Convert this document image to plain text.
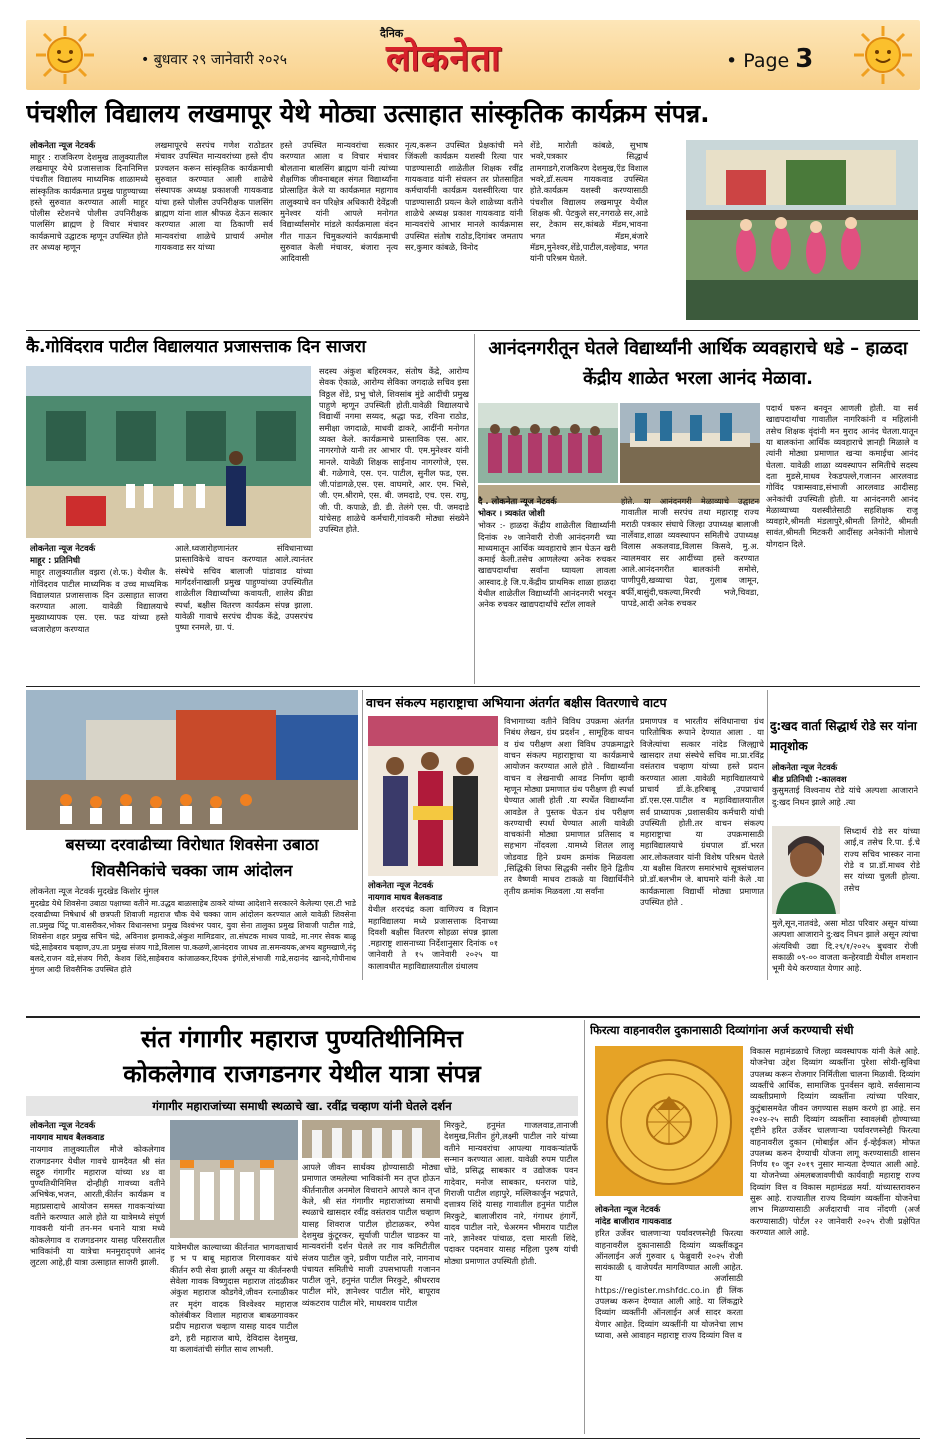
• बुधवार २९ जानेवारी २०२५
दैनिक
लोकनेता	• Page 3
पंचशील विद्यालय लखमापूर येथे मोठ्या उत्साहात सांस्कृतिक कार्यक्रम संपन्न.
लोकनेता न्यूज नेटवर्क
माहूर : राजकिरण देशमुख तालुक्यातील लखमापूर येथे प्रजासत्ताक दिनानिमित्त पंचशील विद्यालय माध्यमिक शाळामध्ये सांस्कृतिक कार्यक्रमात प्रमुख पाहुण्याच्या हस्ते सुरुवात करण्यात आली माहूर पोलीस स्टेशनचे पोलीस उपनिरीक्षक पालसिंग ब्राह्मण हे विचार मंचावर कार्यक्रमाचे उद्घाटक म्हणून उपस्थित होते तर अध्यक्ष म्हणून
लखमापूरचे सरपंच गणेश राठोडतर मंचावर उपस्थित मान्यवरांच्या हस्ते दीप प्रज्वलन करून सांस्कृतिक कार्यक्रमाची सुरुवात करण्यात आली शाळेचे संस्थापक अध्यक्ष प्रकाशजी गायकवाड यांचा हस्ते पोलीस उपनिरीक्षक पालसिंग ब्राह्मण यांना शाल श्रीफळ देऊन सत्कार करण्यात आला या ठिकाणी सर्व मान्यवरांचा शाळेचे प्राचार्य अमोल गायकवाड सर यांच्या
हस्ते उपस्थित मान्यवरांचा सत्कार करण्यात आला व विचार मंचावर बोलताना बालसिंग ब्राह्मण यांनी त्यांच्या शैक्षणिक जीवनाबद्दल संगत विद्यार्थ्यांना प्रोत्साहित केले या कार्यक्रमात महागाव तालुक्याचे वन परिक्षेत्र अधिकारी देवेंद्रजी मुनेश्वर यांनी आपले मनोगत विद्यार्थ्यांसमोर मांडले कार्यक्रमाला वंदन गीत गाऊन चिमुकल्यांने कार्यक्रमाची सुरुवात केली मंचावर, बंजारा नृत्य आदिवासी
नृत्य,करून उपस्थित प्रेक्षकांची मने जिंकली कार्यक्रम यशस्वी रित्या पार पाडण्यासाठी शाळेतील शिक्षक रवींद्र गायकवाड यांनी संचलन तर प्रोतसाहित कर्मचार्यांनी कार्यक्रम यशस्वीरित्या पार पाडण्यासाठी प्रयत्न केले शाळेच्या वतीने शाळेचे अध्यक्ष प्रकाश गायकवाड यांनी मान्यवरांचे आभार मानले कार्यक्रमास उपस्थित संतोष राठोड,दिगांबर जमताप सर,कुमार कांबळे, विनोद
शेंडे, मारोती कांबळे, सुभाष भवरे,पत्रकार सिद्धार्थ तामगाडगे,राजकिरण देशमुख,ऍड विशाल भवरे,डॉ.सत्यम गायकवाड उपस्थित होते.कार्यक्रम यशस्वी करण्यासाठी पंचशील विद्यालय लखमापूर येथील शिक्षक श्री. पेटकुले सर,नगराळे सर,आडे सर, टेकाम सर,कांबळे मॅडम,भावना भगत मॅडम,बंजारे मॅडम,मुनेश्वर,शेंडे,पाटील,वल्हेवाड, भगत यांनी परिश्रम घेतले.
कै.गोविंदराव पाटील विद्यालयात प्रजासत्ताक दिन साजरा
लोकनेता न्यूज नेटवर्क
माहूर : प्रतिनिधी
माहूर तालुक्यातील वझरा (शे.फ.) येथील कै. गोविंदराव पाटील माध्यमिक व उच्च माध्यमिक विद्यालयात प्रजासत्ताक दिन उत्साहात साजरा करण्यात आला. यावेळी विद्यालयाचे मुख्याध्यापक एस. एस. फड यांच्या हस्ते ध्वजारोहण करण्यात
आले.ध्वजारोहणानंतर संविधानाच्या प्रास्ताविकेचे वाचन करण्यात आले.त्यानंतर संस्थेचे सचिव बालाजी पांडावाड यांच्या मार्गदर्शनाखाली प्रमुख पाहुण्यांच्या उपस्थितीत शाळेतील विद्यार्थ्यांच्या कवायती, शालेय क्रीडा स्पर्धा, बक्षीस वितरण कार्यक्रम संपन्न झाला. यावेळी गावाचे सरपंच दीपक केंद्रे, उपसरपंच पुष्पा रनमले, ग्रा. पं.
सदस्य अंकुश बहिरमकर, संतोष केंद्रे, आरोग्य सेवक ऐकाळे, आरोग्य सेविका जगदाळे सचिव इसा विठ्ठल शेंडे, प्रभु चोले, शिवसांब मुंडे आदींची प्रमुख पाहुणे म्हणून उपस्थिती होती.यावेळी विद्यालयाचे विद्यार्थी नगमा सय्यद, श्रद्धा फड, रविना राठोड, समीक्षा जगदाळे, माधवी ढाकरे, आदींनी मनोगत व्यक्त केले. कार्यक्रमाचे प्रास्ताविक एस. आर. नागरगोजे यानी तर आभार पी. एम.मुनेश्वर यांनी मानले. यावेळी शिक्षक साईनाथ नागरगोजे, एस. बी. गळेगावे, एस. एन. पाटील, सुनील फड, एस. जी.पांडागळे,एस. एस. वाघमारे, आर. एम. भिसे, जी. एम.श्रीरामे, एस. बी. जमदाडे, एच. एस. राघु, जी. पी. कपाळे, डी. डी. तेलंगे एस. पी. जमदाडे यांचेसह शाळेचे कर्मचारी,गांवकरी मोठ्या संख्येने उपस्थित होते.
आनंदनगरीतून घेतले विद्यार्थ्यांनी आर्थिक व्यवहाराचे धडे – हाळदा केंद्रीय शाळेत भरला आनंद मेळावा.
दै . लोकनेता न्यूज नेटवर्क
भोकर । त्र्यकांत जोशी
भोकर :- हाळदा केंद्रीय शाळेतील विद्यार्थ्यांनी दिनांक २७ जानेवारी रोजी आनंदनगरी च्या माध्यमातून आर्थिक व्यवहाराचे ज्ञान घेऊन खरी कमाई केली.तसेच आणलेल्या अनेक रुचकर खाद्यपदार्थांचा सर्वांना घ्यायला लावला आस्वाद.हे जि.प.केंद्रीय प्राथमिक शाळा हाळदा येथील शाळेतील विद्यार्थ्यांनी आनंदनगरी भरवून अनेक रुचकर खाद्यपदार्थांचे स्टॉल लावले
होते. या आनंदनगरी मेळाव्याचे उद्घाटन गावातील माजी सरपंच तथा महाराष्ट्र राज्य मराठी पत्रकार संघाचे जिल्हा उपाध्यक्ष बालाजी नार्लेवाड,शाळा व्यवस्थापन समितीचे उपाध्यक्ष विलास अकलवाड,विलास किसवे, मु.अ. न्यालमवार सर आदींच्या हस्ते करण्यात आले.आनंदनगरीत बालकांनी समोसे, पाणीपुरी,खव्याचा पेढा, गुलाब जामून, बर्फी,बासुंदी,चकल्या,मिरची भजे,चिवडा, पापडे,आदी अनेक रुचकर
पदार्थ घरून बनवून आणली होती. या सर्व खाद्यपदार्थांचा गावातील नागरिकांनी व महिलांनी तसेच शिक्षक वृंदांनी मन मुराद आनंद घेतला.यातून या बालकांना आर्थिक व्यवहाराचे ज्ञानही मिळाले व त्यांनी मोठ्या प्रमाणात खऱ्या कमाईचा आनंद घेतला. यावेळी शाळा व्यवस्थापन समितीचे सदस्य दता मुडसे,माधव रेकडपल्ले,गजानन आरलवाड गोविंद पत्राम्सवाड,संभाजी आरलवाड आदीसह अनेकांची उपस्थिती होती. या आनंदनगरी आनंद मेळाव्याच्या यशस्वीतेसाठी सहशिक्षक राजू व्यवहारे,श्रीमती मंडलापुरे,श्रीमती तिगोटे, श्रीमती सावंत,श्रीमती मिटकरी आदींसह अनेकांनी मोलाचे योगदान दिले.
बसच्या दरवाढीच्या विरोधात शिवसेना उबाठा शिवसैनिकांचे चक्का जाम आंदोलन
लोकनेता न्यूज नेटवर्क मुदखेड किशोर मुंगल
मुदखेड येथे शिवसेना उबाठा पक्षाच्या वतीने मा.उद्धव बाळासाहेब ठाकरे यांच्या आदेशाने सरकारने केलेल्या एस.टी भाडे दरवाढीच्या निषेधार्थ श्री छत्रपती शिवाजी महाराज चौक येथे चक्का जाम आंदोलन करण्यात आले यावेळी शिवसेना ता.प्रमुख पिंटू पा.वासरीकर,भोकर विधानसभा प्रमुख विश्वंभर पवार, युवा सेना तालुका प्रमुख शिवाजी पाटील गाडे, शिवसेना शहर प्रमुख सचिन चंद्रे, अविनाश झमाकडे,अंकुश मामिडवार, ता.संघटक माधव पावडे, मा.नगर सेवक बाळू चंद्रे,साहेबराव चव्हाण,उप.ता प्रमुख संजय गाडे,विलास पा.कळणे,आनंदराव जाधव ता.समन्वयक,अभय बहुमखाणे,नंदू बलदे,राजन वडे,संजय गिरी, केशव शिंदे,साहेबराव कांजाळकर,दिपक इंगोले,संभाजी गाढे,सदानंद खानदे,गोपीनाथ मुंगल आदी शिवसैनिक उपस्थित होते
वाचन संकल्प महाराष्ट्राचा अभियाना अंतर्गत बक्षीस वितरणाचे वाटप
लोकनेता न्यूज नेटवर्क
नायगाव माधव बैलकवाड
येथील शरदचंद्र कला वाणिज्य व विज्ञान महाविद्यालया मध्ये प्रजासत्ताक दिनाच्या दिवशी बक्षीस वितरण सोहळा संपन्न झाला .महाराष्ट्र शासनाच्या निर्देशानुसार दिनांक ०१ जानेवारी ते १५ जानेवारी २०२५ या कालावधीत महाविद्यालयातील ग्रंथालय
विभागाच्या वतीने विविध उपक्रमा अंतर्गत निबंध लेखन, ग्रंथ प्रदर्शन , सामूहिक वाचन व ग्रंथ परीक्षण अशा विविध उपक्रमाद्वारे वाचन संकल्प महाराष्ट्राचा या कार्यक्रमाचे आयोजन करण्यात आले होते . विद्यार्थ्यांना वाचन व लेखनाची आवड निर्माण व्हावी म्हणून मोठ्या प्रमाणात ग्रंथ परीक्षण ही स्पर्धा घेण्यात आली होती .या स्पर्धेत विद्यार्थ्यांना आवडेल ते पुस्तक घेऊन ग्रंथ परीक्षण करण्याची स्पर्धा घेण्यात आली यावेळी वाचकांनी मोठ्या प्रमाणात प्रतिसाद व सहभाग नोंदवला .यामध्ये शितल लालू जोडवाड हिने प्रथम क्रमांक मिळवला ,सिद्धिकी शिफा सिद्धकी नसीर हिने द्वितीय तर वैष्णवी माधव टाकळे या विद्यार्थिनीने तृतीय क्रमांक मिळवला .या सर्वांना
प्रमाणपत्र व भारतीय संविधानाचा ग्रंथ पारितोषिक रूपाने देण्यात आला . या विजेत्यांचा सत्कार नांदेड जिल्ह्याचे खासदार तथा संस्थेचे सचिव मा.प्रा.रविंद्र वसंतराव चव्हाण यांच्या हस्ते प्रदान करण्यात आला .यावेळी महाविद्यालयाचे प्राचार्य डॉ.के.हरिबाबू ,उपप्राचार्य डॉ.एस.एस.पाटील व महाविद्यालयातील सर्व प्राध्यापक ,प्रशासकीय कर्मचारी यांची उपस्थिती होती.तर वाचन संकल्प महाराष्ट्राचा या उपक्रमासाठी महाविद्यालयाचे ग्रंथपाल डॉ.भरत आर.लोकलवार यांनी विशेष परिश्रम घेतले .या बक्षीस वितरण समारंभाचे सूत्रसंचालन प्रो.डॉ.बलभीम जे. बाघमारे यांनी केले .या कार्यक्रमाला विद्यार्थी मोठ्या प्रमाणात उपस्थित होते .
दु:खद वार्ता सिद्धार्थ रोडे सर यांना मातृशोक
लोकनेता न्यूज नेटवर्क
बीड प्रतिनिधी :-कालवश
कुसुमताई विश्वनाथ रोडे यांचे अल्पशा आजाराने दु:खद निधन झाले आहे .त्या
सिध्दार्थ रोडे सर यांच्या आई,व तसेच रि.पा. ई.चे राज्य सचिव भास्कर नाना रोडे व प्रा.डॉ.माधव रोडे सर यांच्या चुलती होत्या. तसेच
मुले,सून,नातवंडे, असा मोठा परिवार असून यांच्या अल्पशा आजाराने दु:खद निधन झाले असून त्यांचा अंत्यविधी उद्या दि.२९/१/२०२५ बुधवार रोजी सकाळी ०९-०० वाजता कन्हेरवाडी येथील शमशान भूमी येथे करण्यात येणार आहे.
संत गंगागीर महाराज पुण्यतिथीनिमित्त
कोकलेगाव राजगडनगर येथील यात्रा संपन्न
गंगागीर महाराजांच्या समाधी स्थळाचे खा. रवींद्र चव्हाण यांनी घेतले दर्शन
लोकनेता न्यूज नेटवर्क
नायगाव माधव बैलकवाड
नायगाव तालुक्यातील मौजे कोकलेगाव राजगडनगर येथील गावचे ग्रामदैवत श्री संत सद्गुरु गंगागीर महाराज यांच्या ४४ वा पुण्यतिथीनिमित्त दोन्हीही गावच्या वतीने अभिषेक,भजन, आरती,कीर्तन कार्यक्रम व महाप्रसादाचे आयोजन समस्त गावकऱ्यांच्या वतीने करण्यात आले होते या यात्रेमध्ये संपूर्ण गावकरी यांनी तन-मन धनाने यात्रा मध्ये कोकलेगाव व राजगडनगर यासह परिसरातील भाविकांनी या यात्रेचा मनमुराद्पणे आनंद लुटला आहे,ही यात्रा उत्साहात साजरी झाली.
यात्रेमधील काल्याच्या कीर्तनात भागवताचार्य ह भ प बाबू महाराज गिरगावकर यांचे कीर्तन रुपी सेवा झाली असून या कीर्तनरुपी सेवेला गावक विष्णुदास महाराज तांदळीकर अंकुश महाराज कौडगेवे,जीवन रत्नाळीकर तर मृदंग वादक विश्वेश्वर महाराज कोलंबीकर विशाल महाराज बाबळगावकर प्रदीप महाराज चव्हाण यासह यादव पाटील ढगे, हरी महाराज बाघे, देविदास देशमुख, या कलावंतांची संगीत साथ लाभली.
आपले जीवन सार्थक्य होण्यासाठी मोठ्या प्रमाणात जमलेल्या भाविकांनी मन तृप्त होऊन कीर्तनातील अनमोल विचाराने आपले कान तृप्त केले, श्री संत गंगागीर महाराजांच्या समाधी स्थळाचे खासदार रवींद्र वसंतराव पाटील चव्हाण यासह शिवराज पाटील होटाळकर, रुपेश देशमुख कुंटूरकर, सूर्याजी पाटील चाडकर या मान्यवरांनी दर्शन घेतले तर गाव कमिटीतील संजय पाटील जुने, प्रवीण पाटील नारे, नागनाथ पंचायत समितीचे माजी उपसभापती गजानन पाटील जुने, हनुमंत पाटील मिरकुटे, श्रीधरराव पाटील मोरे, ज्ञानेश्वर पाटील मोरे, बापूराव व्यंकटराव पाटील मोरे, माधवराव पाटील
मिरकुटे, हनुमंत गाजलवाड,तानाजी देशमुख,नितीन हुंगे,लक्ष्मी पाटील नारे यांच्या वतीने मान्यवरांचा आपल्या गावकऱ्यांतर्फे सन्मान करण्यात आला. यावेळी रुपम पाटील चोंडे, प्रसिद्ध साबकार व उद्योजक पवन गादेवार, मनोज साबकार, धनराज पांडे, गिराजी पाटील शहापुरे, मल्लिकार्जुन भद्रपाते, दत्तात्रय शिंदे यासह गावातील हनुमंत पाटील मिरकुटे, बालाजीराव नारे, गंगाधर हंगार्गे, यादव पाटील नारे, चेअरमन भीमराव पाटील नारे, ज्ञानेश्वर पांचाळ, दत्ता मारती शिंदे, पदाकर पदमवार यासह महिला पुरुष यांची मोठ्या प्रमाणात उपस्थिती होती.
फिरत्या वाहनावरील दुकानासाठी दिव्यांगांना अर्ज करण्याची संधी
लोकनेता न्यूज नेटवर्क
नांदेड बाजीराव गायकवाड
हरित उर्जेवर चालणाऱ्या पर्यावरणस्नेही फिरत्या वाहनावरील दुकानासाठी दिव्यांग व्यक्तींकडून ऑनलाईन अर्ज गुरुवार ६ फेब्रुवारी २०२५ रोजी सायंकाळी ६ वाजेपर्यंत मागविण्यात आली आहेत. या अर्जासाठी https://register.mshfdc.co.in ही लिंक उपलब्ध करून देण्यात आली आहे. या लिंकद्वारे दिव्यांग व्यक्तींनी ऑनलाईन अर्ज सादर करता येणार आहेत. दिव्यांग व्यक्तींनी या योजनेचा लाभ घ्यावा, असे आवाहन महाराष्ट्र राज्य दिव्यांग वित्त व
विकास महामंडळाचे जिल्हा व्यवस्थापक यांनी केले आहे. योजनेचा उद्देश दिव्यांग व्यक्तींना पुरेशा सोयी-सुविधा उपलब्ध करून रोजगार निर्मितीला चालना मिळावी. दिव्यांग व्यक्तींचे आर्थिक, सामाजिक पुनर्वसन व्हावे. सर्वसामान्य व्यक्तीप्रमाणे दिव्यांग व्यक्तींना त्यांच्या परिवार, कुटुंबासमवेत जीवन जगण्यास सक्षम करणे हा आहे. सन २०२४-२५ साठी दिव्यांग व्यक्तींना स्वावलंबी होण्याच्या दृष्टीने हरित उर्जेवर चालणाऱ्या पर्यावरणस्नेही फिरत्या वाहनावरील दुकान (मोबाईल ऑन ई-व्हेईकल) मोफत उपलब्ध करुन देण्याची योजना लागू करण्यासाठी शासन निर्णय १० जून २०१९ नुसार मान्यता देण्यात आली आहे. या योजनेच्या अंमलबजावणीची कार्यवाही महाराष्ट्र राज्य दिव्यांग वित्त व विकास महामंडळ मर्या. यांच्यास्तरावरुन सुरू आहे. राज्यातील राज्य दिव्यांग व्यक्तींना योजनेचा लाभ मिळण्यासाठी अर्जदाराची नाव नोंदणी (अर्ज करण्यासाठी) पोर्टल २२ जानेवारी २०२५ रोजी प्रक्षेपित करण्यात आले आहे.
